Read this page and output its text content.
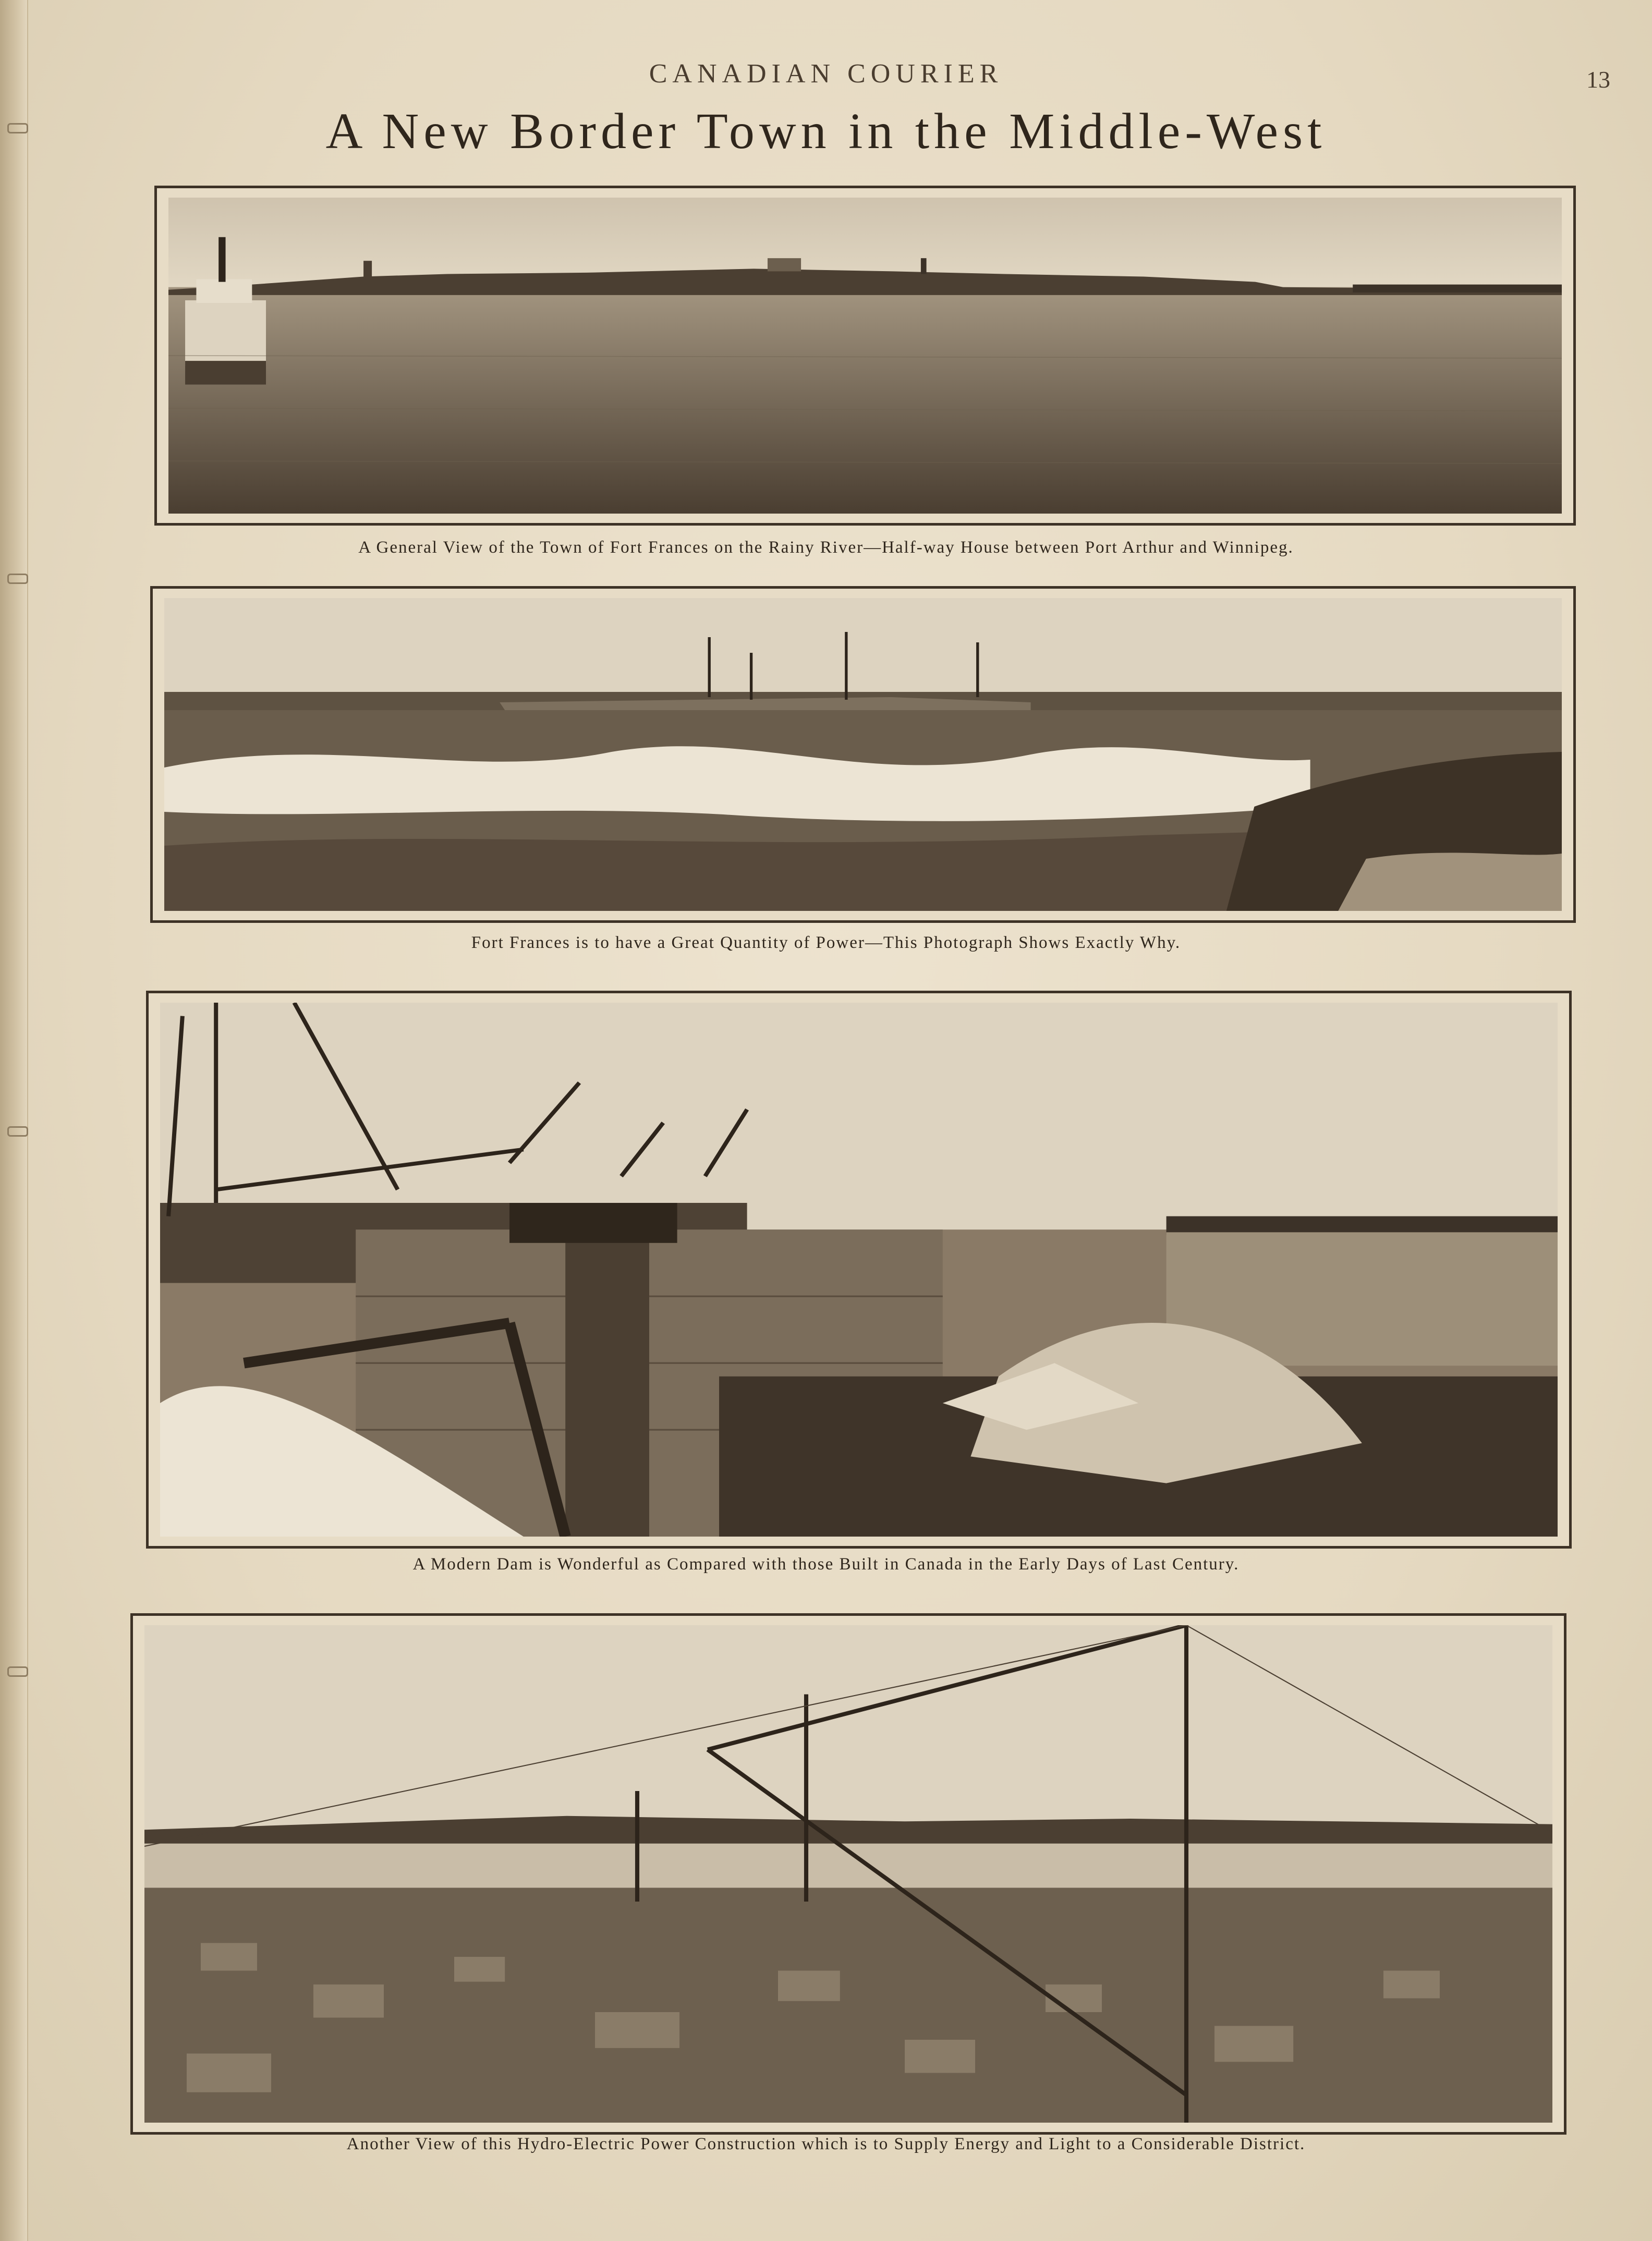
CANADIAN COURIER	13
A New Border Town in the Middle-West
A General View of the Town of Fort Frances on the Rainy River—Half-way House between Port Arthur and Winnipeg.
Fort Frances is to have a Great Quantity of Power—This Photograph Shows Exactly Why.
A Modern Dam is Wonderful as Compared with those Built in Canada in the Early Days of Last Century.
Another View of this Hydro-Electric Power Construction which is to Supply Energy and Light to a Considerable District.
